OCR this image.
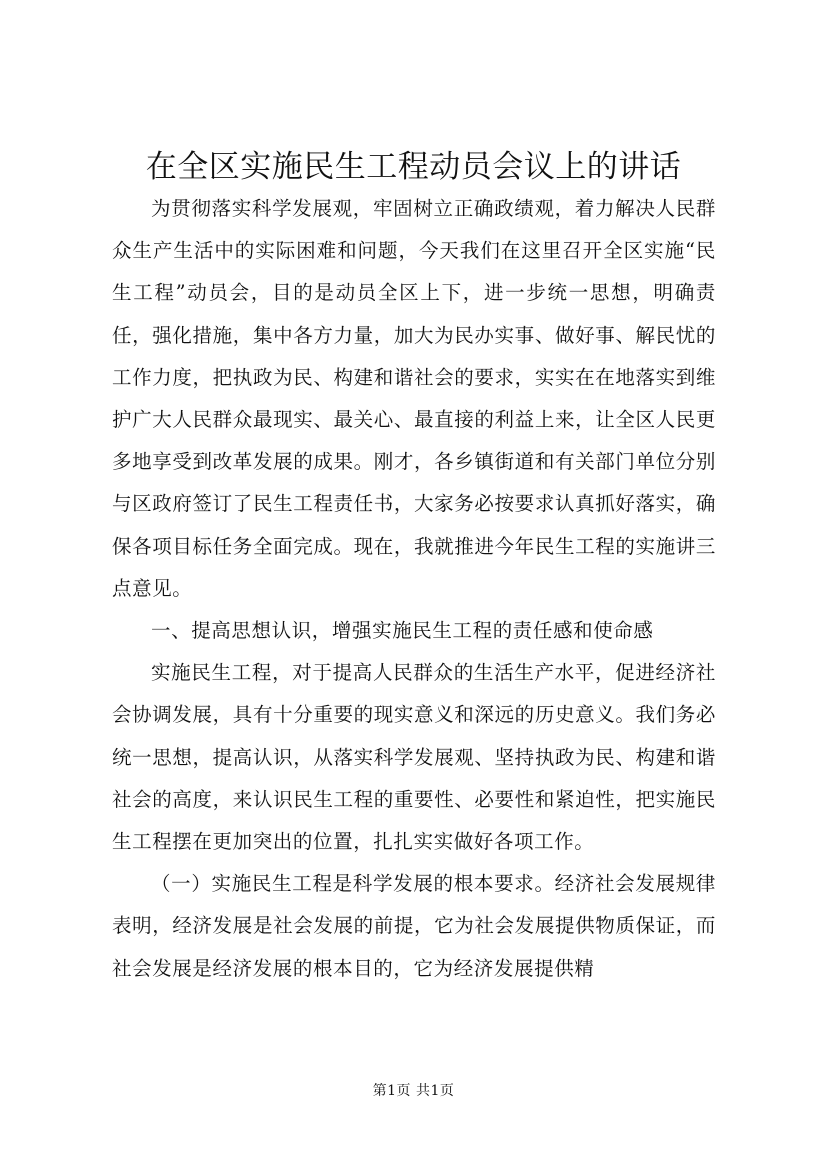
在全区实施民生工程动员会议上的讲话

为贯彻落实科学发展观，牢固树立正确政绩观，着力解决人民群众生产生活中的实际困难和问题，今天我们在这里召开全区实施“民生工程”动员会，目的是动员全区上下，进一步统一思想，明确责任，强化措施，集中各方力量，加大为民办实事、做好事、解民忧的工作力度，把执政为民、构建和谐社会的要求，实实在在地落实到维护广大人民群众最现实、最关心、最直接的利益上来，让全区人民更多地享受到改革发展的成果。刚才，各乡镇街道和有关部门单位分别与区政府签订了民生工程责任书，大家务必按要求认真抓好落实，确保各项目标任务全面完成。现在，我就推进今年民生工程的实施讲三点意见。

一、提高思想认识，增强实施民生工程的责任感和使命感

实施民生工程，对于提高人民群众的生活生产水平，促进经济社会协调发展，具有十分重要的现实意义和深远的历史意义。我们务必统一思想，提高认识，从落实科学发展观、坚持执政为民、构建和谐社会的高度，来认识民生工程的重要性、必要性和紧迫性，把实施民生工程摆在更加突出的位置，扎扎实实做好各项工作。

（一）实施民生工程是科学发展的根本要求。经济社会发展规律表明，经济发展是社会发展的前提，它为社会发展提供物质保证，而社会发展是经济发展的根本目的，它为经济发展提供精

第1页 共1页
